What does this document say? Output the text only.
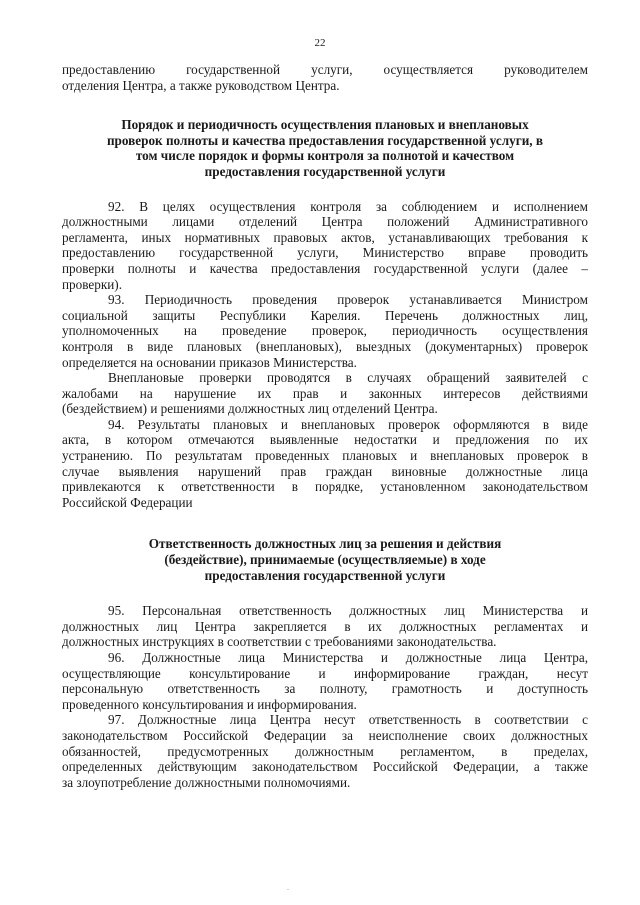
22
предоставлению государственной услуги, осуществляется руководителем
отделения Центра, а также руководством Центра.
Порядок и периодичность осуществления плановых и внеплановых
проверок полноты и качества предоставления государственной услуги, в
том числе порядок и формы контроля за полнотой и качеством
предоставления государственной услуги
92. В целях осуществления контроля за соблюдением и исполнением
должностными лицами отделений Центра положений Административного
регламента, иных нормативных правовых актов, устанавливающих требования к
предоставлению государственной услуги, Министерство вправе проводить
проверки полноты и качества предоставления государственной услуги (далее –
проверки).
93. Периодичность проведения проверок устанавливается Министром
социальной защиты Республики Карелия. Перечень должностных лиц,
уполномоченных на проведение проверок, периодичность осуществления
контроля в виде плановых (внеплановых), выездных (документарных) проверок
определяется на основании приказов Министерства.
Внеплановые проверки проводятся в случаях обращений заявителей с
жалобами на нарушение их прав и законных интересов действиями
(бездействием) и решениями должностных лиц отделений Центра.
94. Результаты плановых и внеплановых проверок оформляются в виде
акта, в котором отмечаются выявленные недостатки и предложения по их
устранению. По результатам проведенных плановых и внеплановых проверок в
случае выявления нарушений прав граждан виновные должностные лица
привлекаются к ответственности в порядке, установленном законодательством
Российской Федерации
Ответственность должностных лиц за решения и действия
(бездействие), принимаемые (осуществляемые) в ходе
предоставления государственной услуги
95. Персональная ответственность должностных лиц Министерства и
должностных лиц Центра закрепляется в их должностных регламентах и
должностных инструкциях в соответствии с требованиями законодательства.
96. Должностные лица Министерства и должностные лица Центра,
осуществляющие консультирование и информирование граждан, несут
персональную ответственность за полноту, грамотность и доступность
проведенного консультирования и информирования.
97. Должностные лица Центра несут ответственность в соответствии с
законодательством Российской Федерации за неисполнение своих должностных
обязанностей, предусмотренных должностным регламентом, в пределах,
определенных действующим законодательством Российской Федерации, а также
за злоупотребление должностными полномочиями.
.
